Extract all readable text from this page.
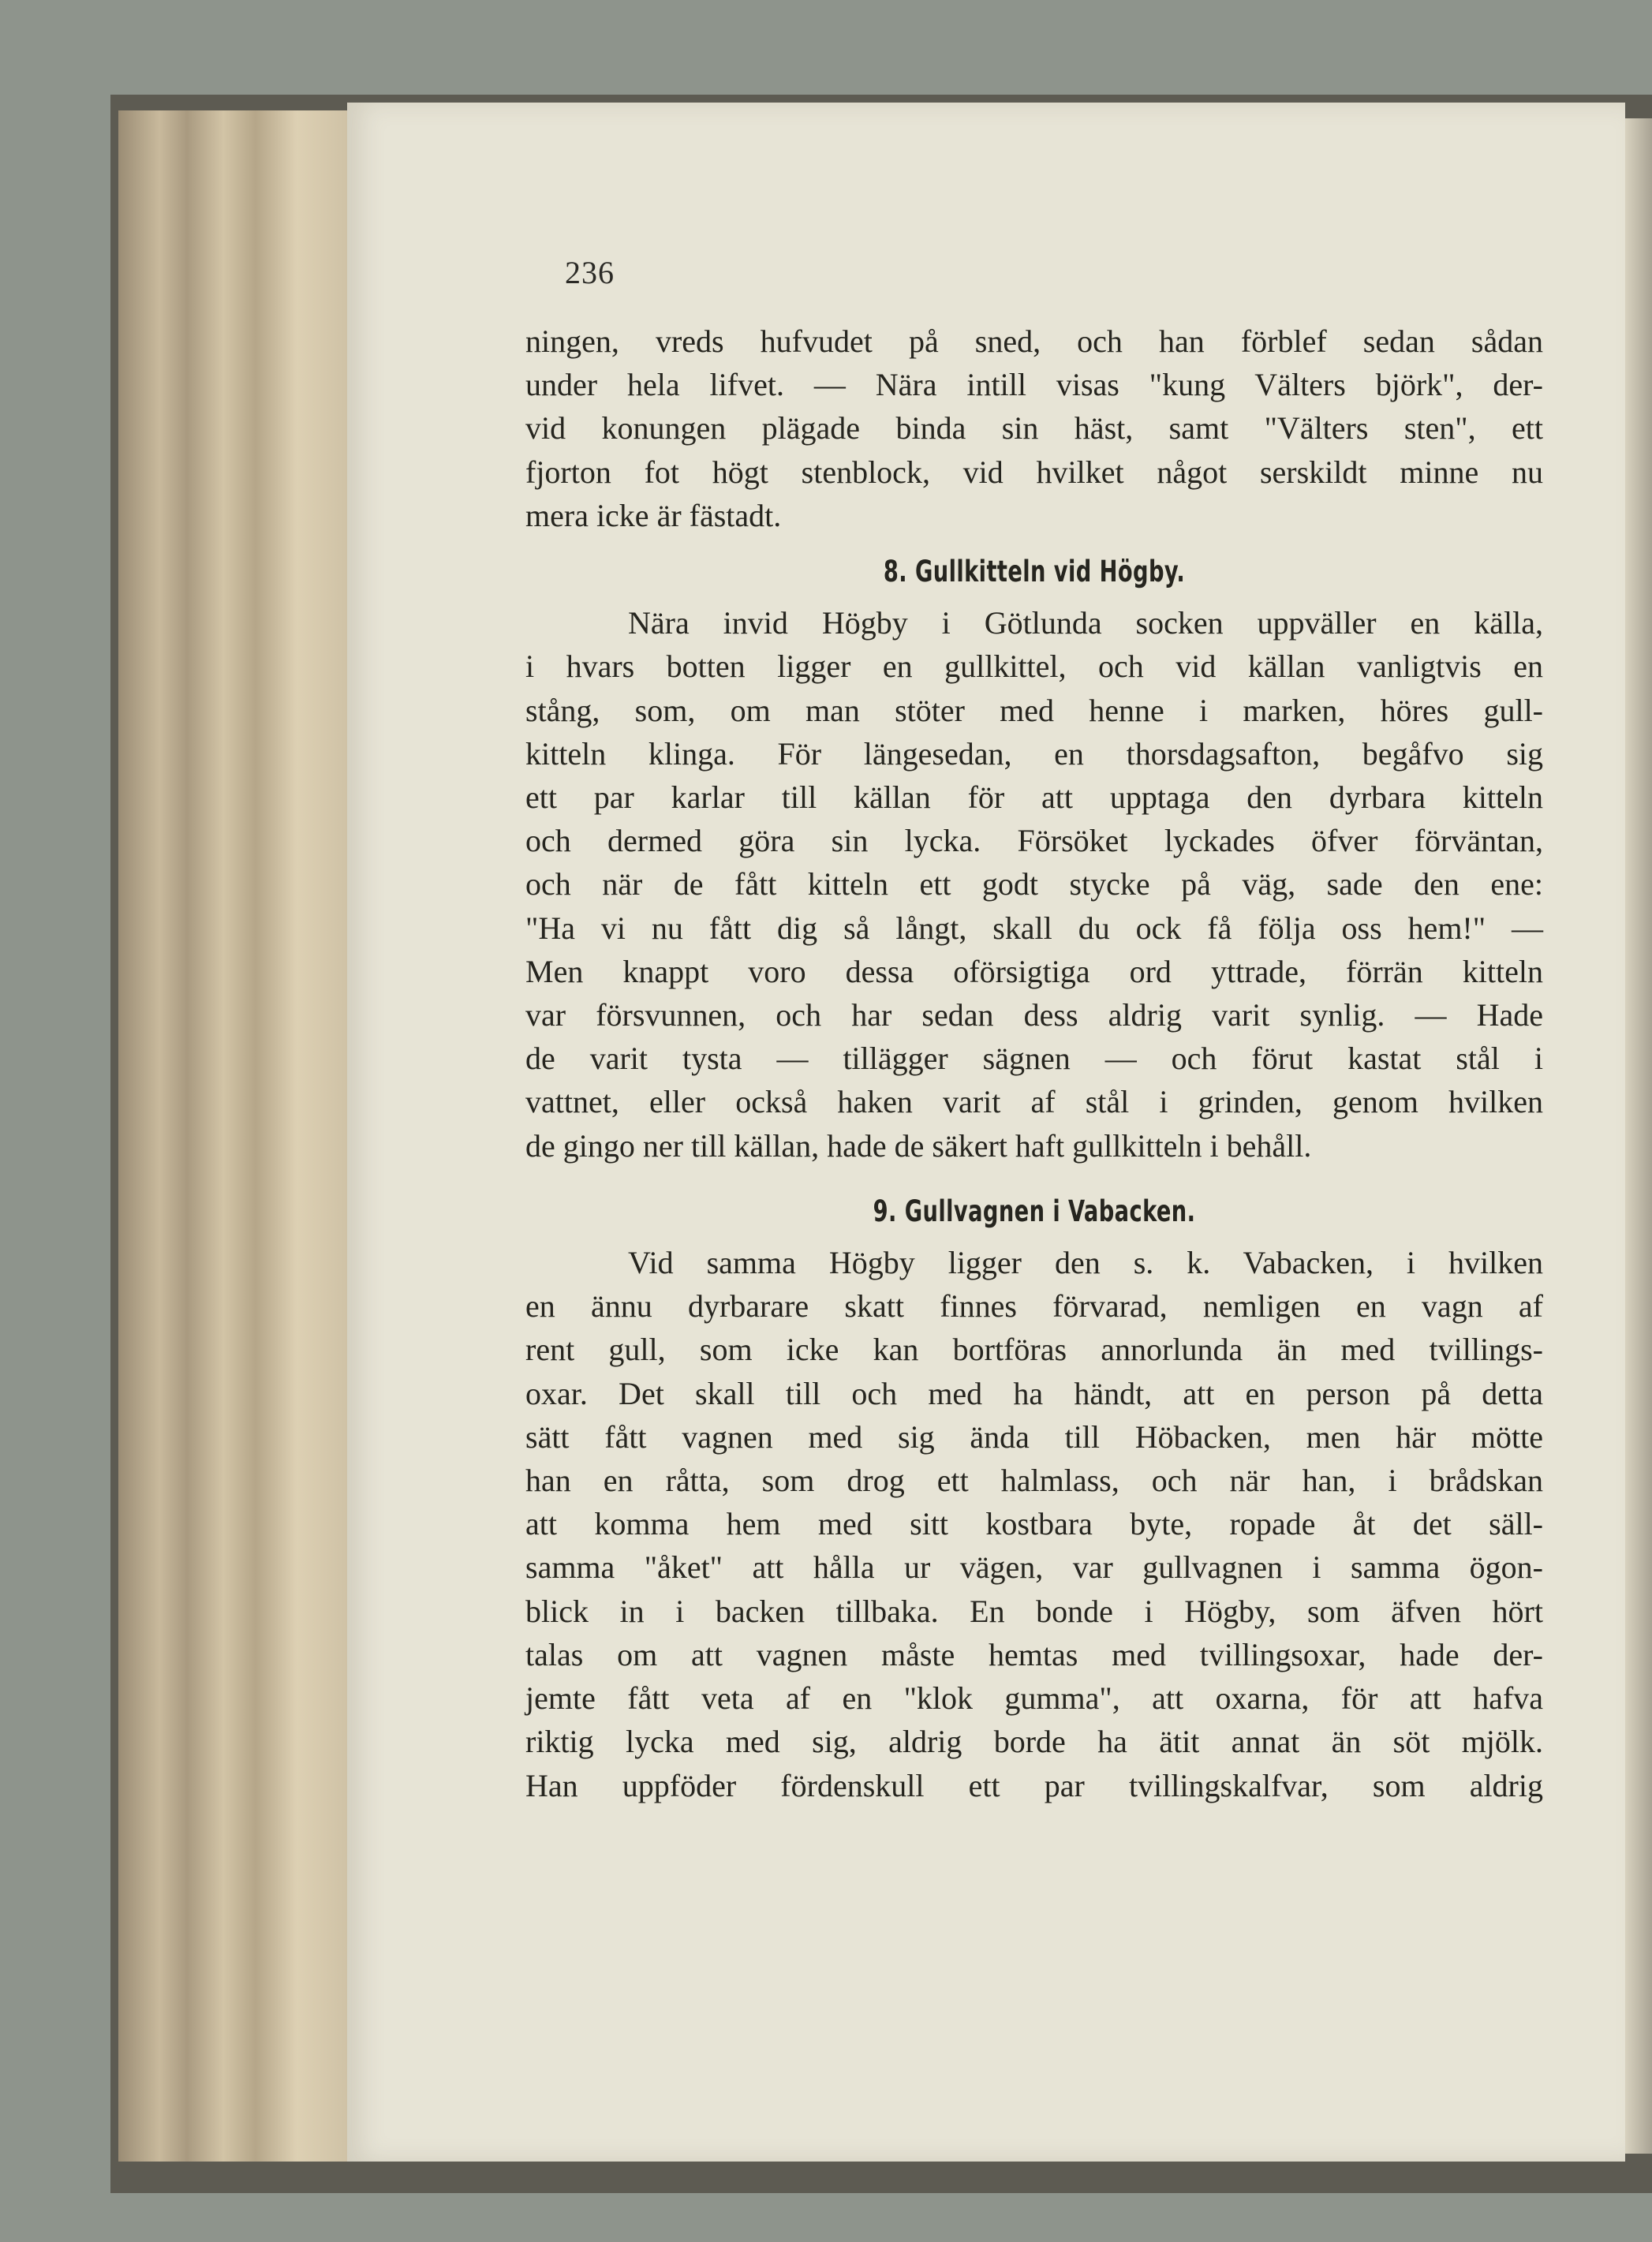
236
ningen, vreds hufvudet på sned, och han förblef sedan sådan
under hela lifvet. — Nära intill visas "kung Välters björk", der-
vid konungen plägade binda sin häst, samt "Välters sten", ett
fjorton fot högt stenblock, vid hvilket något serskildt minne nu
mera icke är fästadt.
8. Gullkitteln vid Högby.
Nära invid Högby i Götlunda socken uppväller en källa,
i hvars botten ligger en gullkittel, och vid källan vanligtvis en
stång, som, om man stöter med henne i marken, höres gull-
kitteln klinga. För längesedan, en thorsdagsafton, begåfvo sig
ett par karlar till källan för att upptaga den dyrbara kitteln
och dermed göra sin lycka. Försöket lyckades öfver förväntan,
och när de fått kitteln ett godt stycke på väg, sade den ene:
"Ha vi nu fått dig så långt, skall du ock få följa oss hem!" —
Men knappt voro dessa oförsigtiga ord yttrade, förrän kitteln
var försvunnen, och har sedan dess aldrig varit synlig. — Hade
de varit tysta — tillägger sägnen — och förut kastat stål i
vattnet, eller också haken varit af stål i grinden, genom hvilken
de gingo ner till källan, hade de säkert haft gullkitteln i behåll.
9. Gullvagnen i Vabacken.
Vid samma Högby ligger den s. k. Vabacken, i hvilken
en ännu dyrbarare skatt finnes förvarad, nemligen en vagn af
rent gull, som icke kan bortföras annorlunda än med tvillings-
oxar. Det skall till och med ha händt, att en person på detta
sätt fått vagnen med sig ända till Höbacken, men här mötte
han en råtta, som drog ett halmlass, och när han, i brådskan
att komma hem med sitt kostbara byte, ropade åt det säll-
samma "åket" att hålla ur vägen, var gullvagnen i samma ögon-
blick in i backen tillbaka. En bonde i Högby, som äfven hört
talas om att vagnen måste hemtas med tvillingsoxar, hade der-
jemte fått veta af en "klok gumma", att oxarna, för att hafva
riktig lycka med sig, aldrig borde ha ätit annat än söt mjölk.
Han uppföder fördenskull ett par tvillingskalfvar, som aldrig
